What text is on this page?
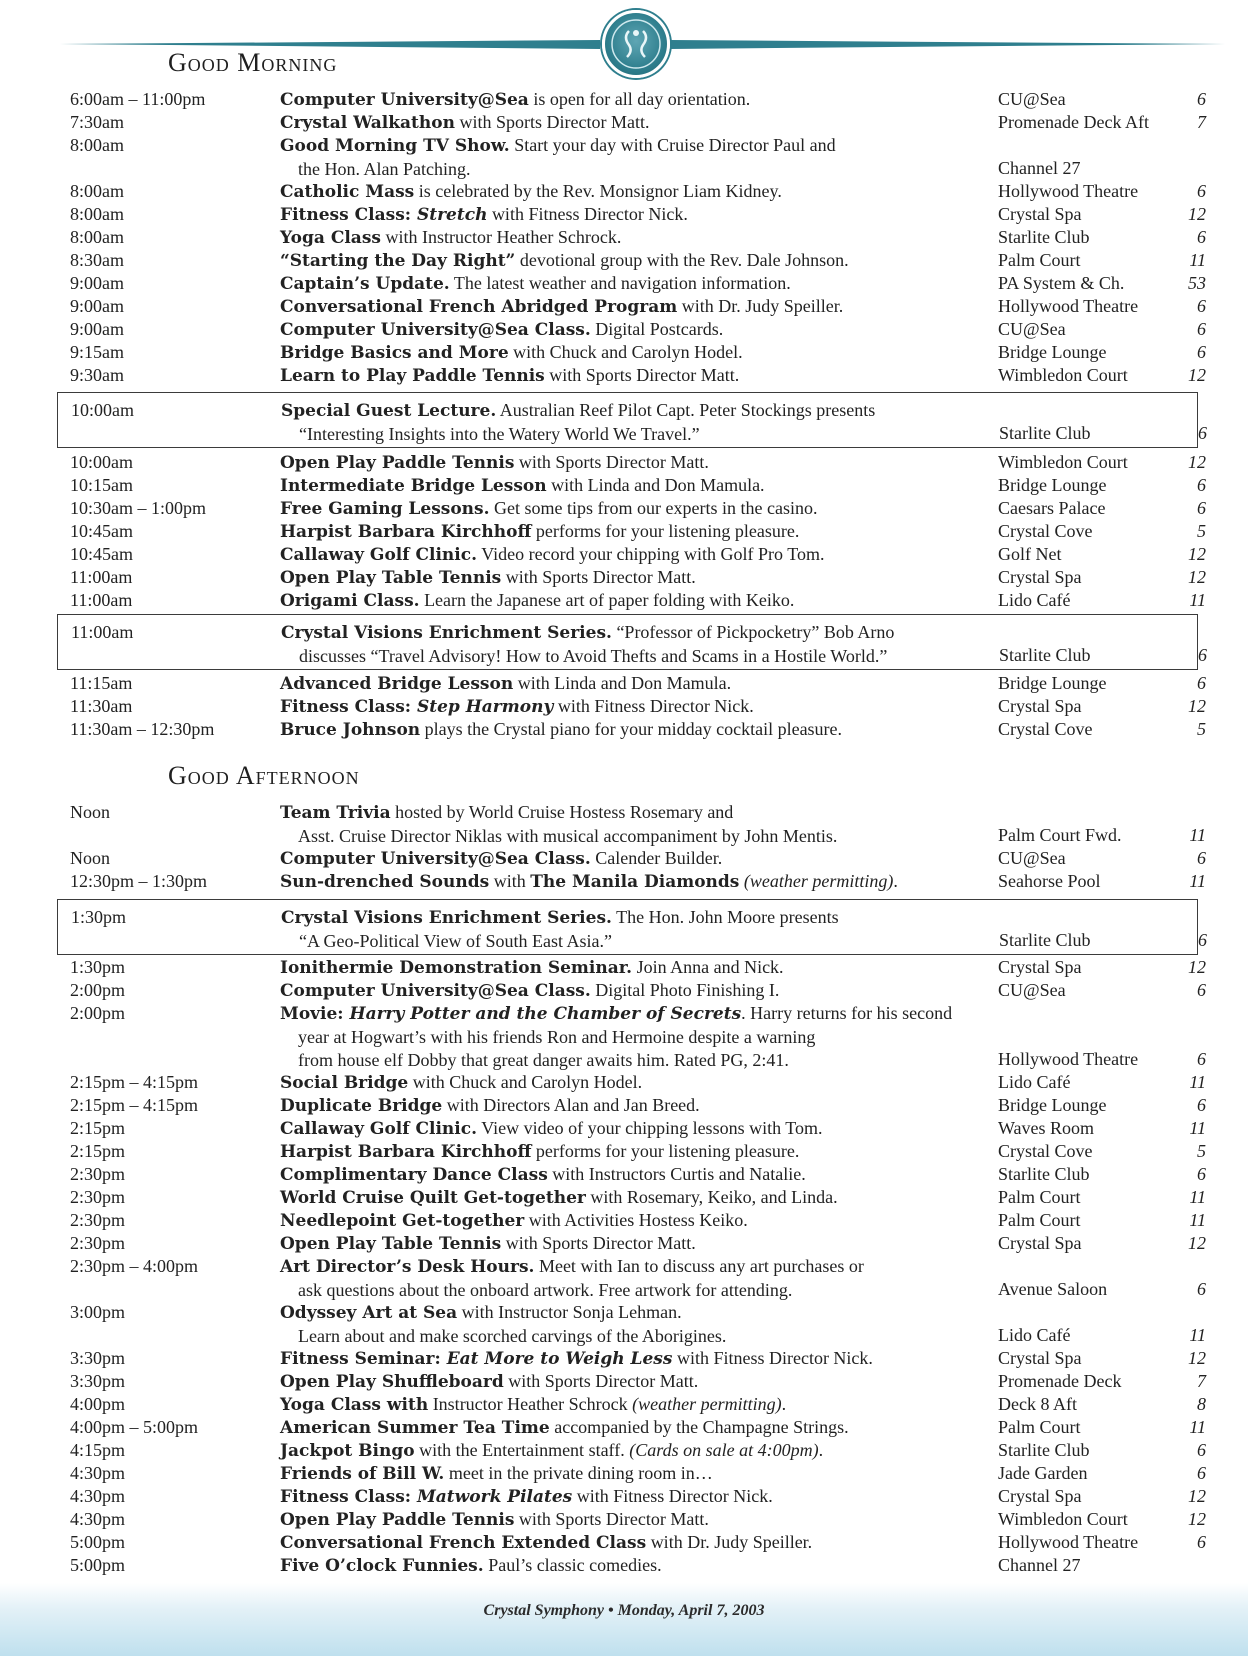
Good Morning
6:00am – 11:00pm	Computer University@Sea is open for all day orientation.	CU@Sea	6
7:30am	Crystal Walkathon with Sports Director Matt.	Promenade Deck Aft	7
8:00am	Good Morning TV Show. Start your day with Cruise Director Paul and
the Hon. Alan Patching.	Channel 27
8:00am	Catholic Mass is celebrated by the Rev. Monsignor Liam Kidney.	Hollywood Theatre	6
8:00am	Fitness Class: Stretch with Fitness Director Nick.	Crystal Spa	12
8:00am	Yoga Class with Instructor Heather Schrock.	Starlite Club	6
8:30am	“Starting the Day Right” devotional group with the Rev. Dale Johnson.	Palm Court	11
9:00am	Captain’s Update. The latest weather and navigation information.	PA System & Ch.	53
9:00am	Conversational French Abridged Program with Dr. Judy Speiller.	Hollywood Theatre	6
9:00am	Computer University@Sea Class. Digital Postcards.	CU@Sea	6
9:15am	Bridge Basics and More with Chuck and Carolyn Hodel.	Bridge Lounge	6
9:30am	Learn to Play Paddle Tennis with Sports Director Matt.	Wimbledon Court	12
10:00am	Special Guest Lecture. Australian Reef Pilot Capt. Peter Stockings presents
“Interesting Insights into the Watery World We Travel.”	Starlite Club	6
10:00am	Open Play Paddle Tennis with Sports Director Matt.	Wimbledon Court	12
10:15am	Intermediate Bridge Lesson with Linda and Don Mamula.	Bridge Lounge	6
10:30am – 1:00pm	Free Gaming Lessons. Get some tips from our experts in the casino.	Caesars Palace	6
10:45am	Harpist Barbara Kirchhoff performs for your listening pleasure.	Crystal Cove	5
10:45am	Callaway Golf Clinic. Video record your chipping with Golf Pro Tom.	Golf Net	12
11:00am	Open Play Table Tennis with Sports Director Matt.	Crystal Spa	12
11:00am	Origami Class. Learn the Japanese art of paper folding with Keiko.	Lido Café	11
11:00am	Crystal Visions Enrichment Series. “Professor of Pickpocketry” Bob Arno
discusses “Travel Advisory! How to Avoid Thefts and Scams in a Hostile World.”	Starlite Club	6
11:15am	Advanced Bridge Lesson with Linda and Don Mamula.	Bridge Lounge	6
11:30am	Fitness Class: Step Harmony with Fitness Director Nick.	Crystal Spa	12
11:30am – 12:30pm	Bruce Johnson plays the Crystal piano for your midday cocktail pleasure.	Crystal Cove	5
Good Afternoon
Noon	Team Trivia hosted by World Cruise Hostess Rosemary and
Asst. Cruise Director Niklas with musical accompaniment by John Mentis.	Palm Court Fwd.	11
Noon	Computer University@Sea Class. Calender Builder.	CU@Sea	6
12:30pm – 1:30pm	Sun-drenched Sounds with The Manila Diamonds (weather permitting).	Seahorse Pool	11
1:30pm	Crystal Visions Enrichment Series. The Hon. John Moore presents
“A Geo-Political View of South East Asia.”	Starlite Club	6
1:30pm	Ionithermie Demonstration Seminar. Join Anna and Nick.	Crystal Spa	12
2:00pm	Computer University@Sea Class. Digital Photo Finishing I.	CU@Sea	6
2:00pm	Movie: Harry Potter and the Chamber of Secrets. Harry returns for his second
year at Hogwart’s with his friends Ron and Hermoine despite a warning
from house elf Dobby that great danger awaits him. Rated PG, 2:41.	Hollywood Theatre	6
2:15pm – 4:15pm	Social Bridge with Chuck and Carolyn Hodel.	Lido Café	11
2:15pm – 4:15pm	Duplicate Bridge with Directors Alan and Jan Breed.	Bridge Lounge	6
2:15pm	Callaway Golf Clinic. View video of your chipping lessons with Tom.	Waves Room	11
2:15pm	Harpist Barbara Kirchhoff performs for your listening pleasure.	Crystal Cove	5
2:30pm	Complimentary Dance Class with Instructors Curtis and Natalie.	Starlite Club	6
2:30pm	World Cruise Quilt Get-together with Rosemary, Keiko, and Linda.	Palm Court	11
2:30pm	Needlepoint Get-together with Activities Hostess Keiko.	Palm Court	11
2:30pm	Open Play Table Tennis with Sports Director Matt.	Crystal Spa	12
2:30pm – 4:00pm	Art Director’s Desk Hours. Meet with Ian to discuss any art purchases or
ask questions about the onboard artwork. Free artwork for attending.	Avenue Saloon	6
3:00pm	Odyssey Art at Sea with Instructor Sonja Lehman.
Learn about and make scorched carvings of the Aborigines.	Lido Café	11
3:30pm	Fitness Seminar: Eat More to Weigh Less with Fitness Director Nick.	Crystal Spa	12
3:30pm	Open Play Shuffleboard with Sports Director Matt.	Promenade Deck	7
4:00pm	Yoga Class with Instructor Heather Schrock (weather permitting).	Deck 8 Aft	8
4:00pm – 5:00pm	American Summer Tea Time accompanied by the Champagne Strings.	Palm Court	11
4:15pm	Jackpot Bingo with the Entertainment staff. (Cards on sale at 4:00pm).	Starlite Club	6
4:30pm	Friends of Bill W. meet in the private dining room in…	Jade Garden	6
4:30pm	Fitness Class: Matwork Pilates with Fitness Director Nick.	Crystal Spa	12
4:30pm	Open Play Paddle Tennis with Sports Director Matt.	Wimbledon Court	12
5:00pm	Conversational French Extended Class with Dr. Judy Speiller.	Hollywood Theatre	6
5:00pm	Five O’clock Funnies. Paul’s classic comedies.	Channel 27
Crystal Symphony • Monday, April 7, 2003
